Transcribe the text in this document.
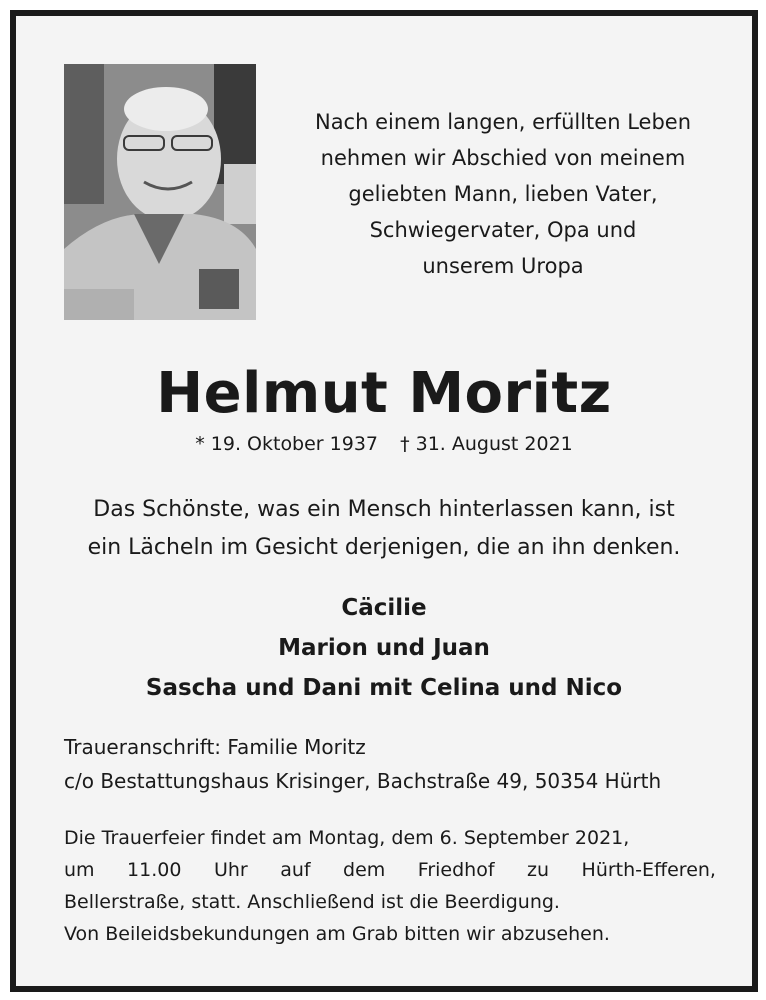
Nach einem langen, erfüllten Leben
nehmen wir Abschied von meinem
geliebten Mann, lieben Vater,
Schwiegervater, Opa und
unserem Uropa
Helmut Moritz
* 19. Oktober 1937 † 31. August 2021
Das Schönste, was ein Mensch hinterlassen kann, ist
ein Lächeln im Gesicht derjenigen, die an ihn denken.
Cäcilie
Marion und Juan
Sascha und Dani mit Celina und Nico
Traueranschrift: Familie Moritz
c/o Bestattungshaus Krisinger, Bachstraße 49, 50354 Hürth
Die Trauerfeier findet am Montag, dem 6. September 2021,
um 11.00 Uhr auf dem Friedhof zu Hürth-Efferen,
Bellerstraße, statt. Anschließend ist die Beerdigung.
Von Beileidsbekundungen am Grab bitten wir abzusehen.
